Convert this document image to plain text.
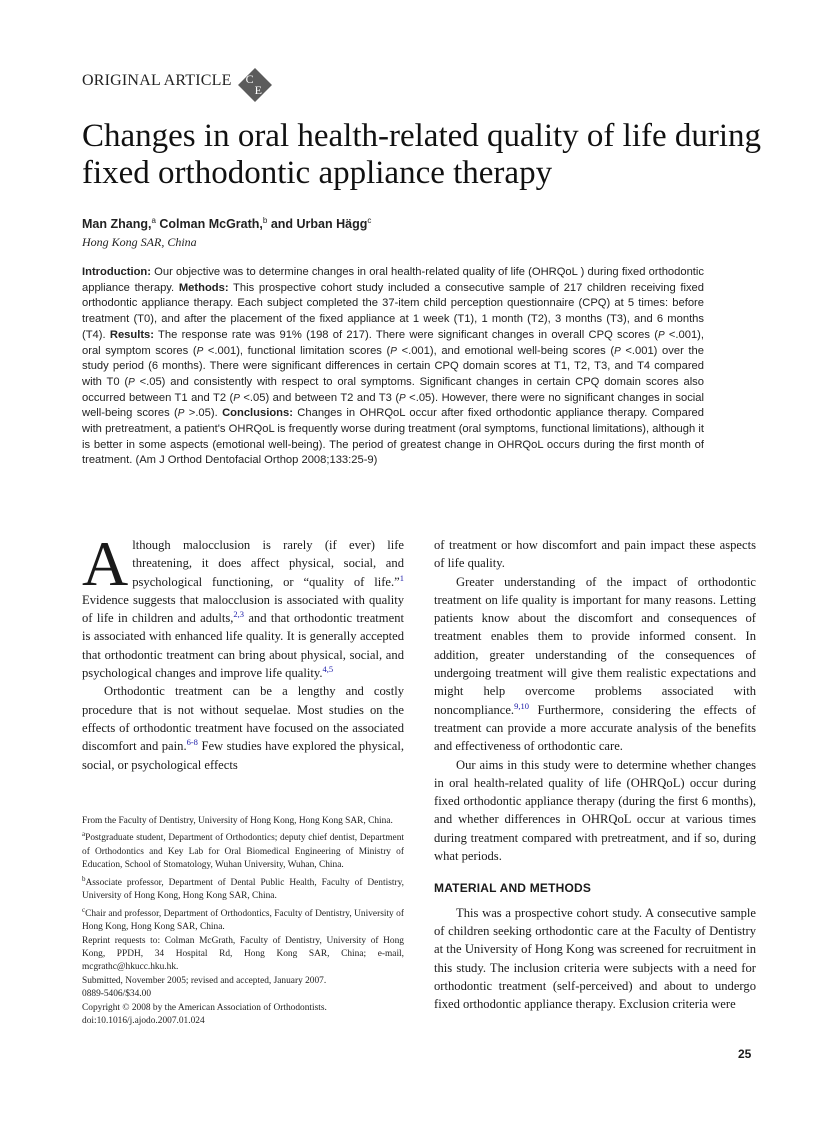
ORIGINAL ARTICLE C
E
Changes in oral health-related quality of life during fixed orthodontic appliance therapy
Man Zhang,$^a$ Colman McGrath,$^b$ and Urban Hägg$^c$
Hong Kong SAR, China
Introduction: Our objective was to determine changes in oral health-related quality of life (OHRQoL ) during fixed orthodontic appliance therapy. Methods: This prospective cohort study included a consecutive sample of 217 children receiving fixed orthodontic appliance therapy. Each subject completed the 37-item child perception questionnaire (CPQ) at 5 times: before treatment (T0), and after the placement of the fixed appliance at 1 week (T1), 1 month (T2), 3 months (T3), and 6 months (T4). Results: The response rate was 91% (198 of 217). There were significant changes in overall CPQ scores (P <.001), oral symptom scores (P <.001), functional limitation scores (P <.001), and emotional well-being scores (P <.001) over the study period (6 months). There were significant differences in certain CPQ domain scores at T1, T2, T3, and T4 compared with T0 (P <.05) and consistently with respect to oral symptoms. Significant changes in certain CPQ domain scores also occurred between T1 and T2 (P <.05) and between T2 and T3 (P <.05). However, there were no significant changes in social well-being scores (P >.05). Conclusions: Changes in OHRQoL occur after fixed orthodontic appliance therapy. Compared with pretreatment, a patient's OHRQoL is frequently worse during treatment (oral symptoms, functional limitations), although it is better in some aspects (emotional well-being). The period of greatest change in OHRQoL occurs during the first month of treatment. (Am J Orthod Dentofacial Orthop 2008;133:25-9)

Although malocclusion is rarely (if ever) life threatening, it does affect physical, social, and psychological functioning, or “quality of life.”$^1$ Evidence suggests that malocclusion is associated with quality of life in children and adults,$^{2,3}$ and that orthodontic treatment is associated with enhanced life quality. It is generally accepted that orthodontic treatment can bring about physical, social, and psychological changes and improve life quality.$^{4,5}$

Orthodontic treatment can be a lengthy and costly procedure that is not without sequelae. Most studies on the effects of orthodontic treatment have focused on the associated discomfort and pain.$^{6-8}$ Few studies have explored the physical, social, or psychological effects

From the Faculty of Dentistry, University of Hong Kong, Hong Kong SAR, China.

$^a$Postgraduate student, Department of Orthodontics; deputy chief dentist, Department of Orthodontics and Key Lab for Oral Biomedical Engineering of Ministry of Education, School of Stomatology, Wuhan University, Wuhan, China.

$^b$Associate professor, Department of Dental Public Health, Faculty of Dentistry, University of Hong Kong, Hong Kong SAR, China.

$^c$Chair and professor, Department of Orthodontics, Faculty of Dentistry, University of Hong Kong, Hong Kong SAR, China.

Reprint requests to: Colman McGrath, Faculty of Dentistry, University of Hong Kong, PPDH, 34 Hospital Rd, Hong Kong SAR, China; e-mail, mcgrathc@hkucc.hku.hk.

Submitted, November 2005; revised and accepted, January 2007.

0889-5406/$34.00

Copyright © 2008 by the American Association of Orthodontists.

doi:10.1016/j.ajodo.2007.01.024

of treatment or how discomfort and pain impact these aspects of life quality.

Greater understanding of the impact of orthodontic treatment on life quality is important for many reasons. Letting patients know about the discomfort and consequences of treatment enables them to provide informed consent. In addition, greater understanding of the consequences of undergoing treatment will give them realistic expectations and might help overcome problems associated with noncompliance.$^{9,10}$ Furthermore, considering the effects of treatment can provide a more accurate analysis of the benefits and effectiveness of orthodontic care.

Our aims in this study were to determine whether changes in oral health-related quality of life (OHRQoL) occur during fixed orthodontic appliance therapy (during the first 6 months), and whether differences in OHRQoL occur at various times during treatment compared with pretreatment, and if so, during what periods.

MATERIAL AND METHODS

This was a prospective cohort study. A consecutive sample of children seeking orthodontic care at the Faculty of Dentistry at the University of Hong Kong was screened for recruitment in this study. The inclusion criteria were subjects with a need for orthodontic treatment (self-perceived) and about to undergo fixed orthodontic appliance therapy. Exclusion criteria were

25
